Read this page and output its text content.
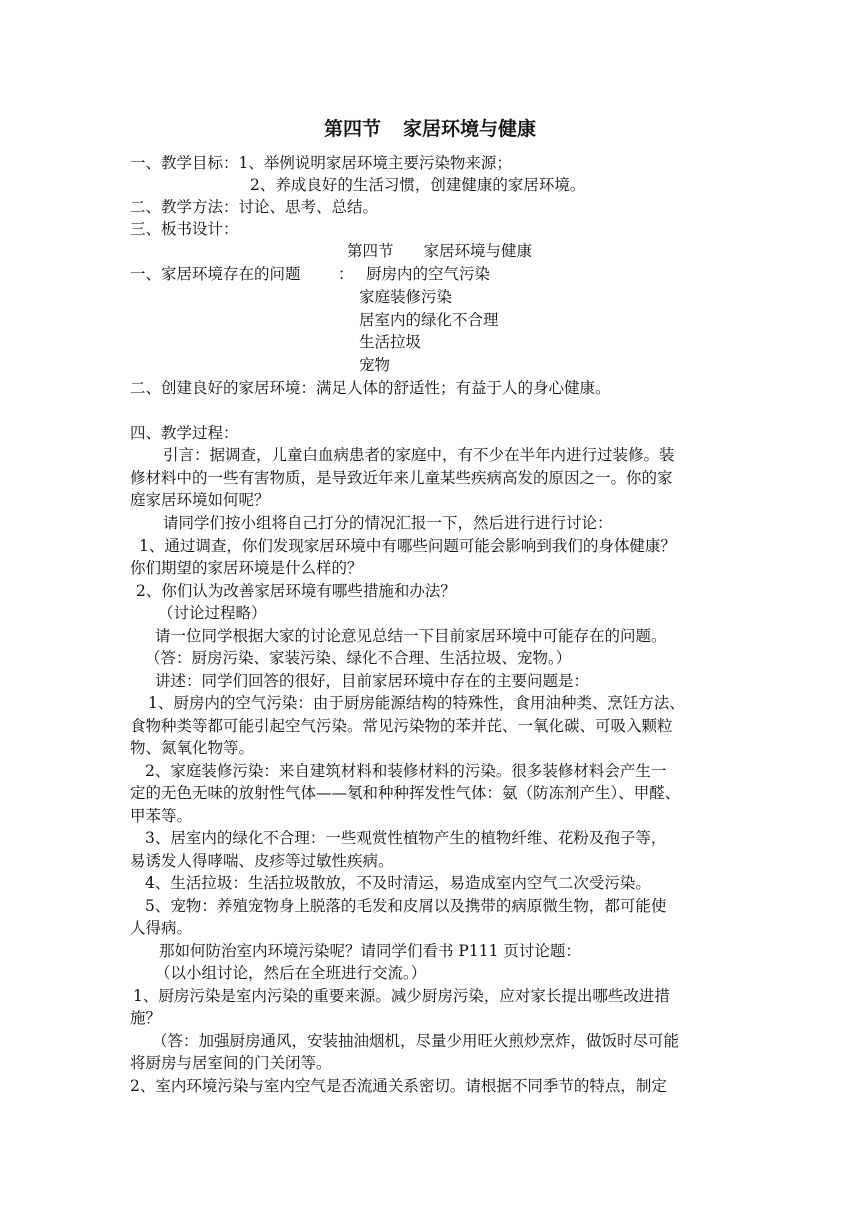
第四节 家居环境与健康
一、教学目标：1、举例说明家居环境主要污染物来源；
2、养成良好的生活习惯，创建健康的家居环境。
二、教学方法：讨论、思考、总结。
三、板书设计：
第四节 家居环境与健康
一、家居环境存在的问题 ： 厨房内的空气污染
家庭装修污染
居室内的绿化不合理
生活拉圾
宠物
二、创建良好的家居环境：满足人体的舒适性；有益于人的身心健康。
四、教学过程：
引言：据调查，儿童白血病患者的家庭中，有不少在半年内进行过装修。装
修材料中的一些有害物质，是导致近年来儿童某些疾病高发的原因之一。你的家
庭家居环境如何呢？
请同学们按小组将自己打分的情况汇报一下，然后进行进行讨论：
1、通过调查，你们发现家居环境中有哪些问题可能会影响到我们的身体健康？
你们期望的家居环境是什么样的？
2、你们认为改善家居环境有哪些措施和办法？
（讨论过程略）
请一位同学根据大家的讨论意见总结一下目前家居环境中可能存在的问题。
（答：厨房污染、家装污染、绿化不合理、生活拉圾、宠物。）
讲述：同学们回答的很好，目前家居环境中存在的主要问题是：
1、厨房内的空气污染：由于厨房能源结构的特殊性，食用油种类、烹饪方法、
食物种类等都可能引起空气污染。常见污染物的苯并芘、一氧化碳、可吸入颗粒
物、氮氧化物等。
2、家庭装修污染：来自建筑材料和装修材料的污染。很多装修材料会产生一
定的无色无味的放射性气体——氡和种种挥发性气体：氨（防冻剂产生）、甲醛、
甲苯等。
3、居室内的绿化不合理：一些观赏性植物产生的植物纤维、花粉及孢子等，
易诱发人得哮喘、皮疹等过敏性疾病。
4、生活拉圾：生活拉圾散放，不及时清运，易造成室内空气二次受污染。
5、宠物：养殖宠物身上脱落的毛发和皮屑以及携带的病原微生物，都可能使
人得病。
那如何防治室内环境污染呢？请同学们看书 P111 页讨论题：
（以小组讨论，然后在全班进行交流。）
1、厨房污染是室内污染的重要来源。减少厨房污染，应对家长提出哪些改进措
施？
（答：加强厨房通风，安装抽油烟机，尽量少用旺火煎炒烹炸，做饭时尽可能
将厨房与居室间的门关闭等。
2、室内环境污染与室内空气是否流通关系密切。请根据不同季节的特点，制定
